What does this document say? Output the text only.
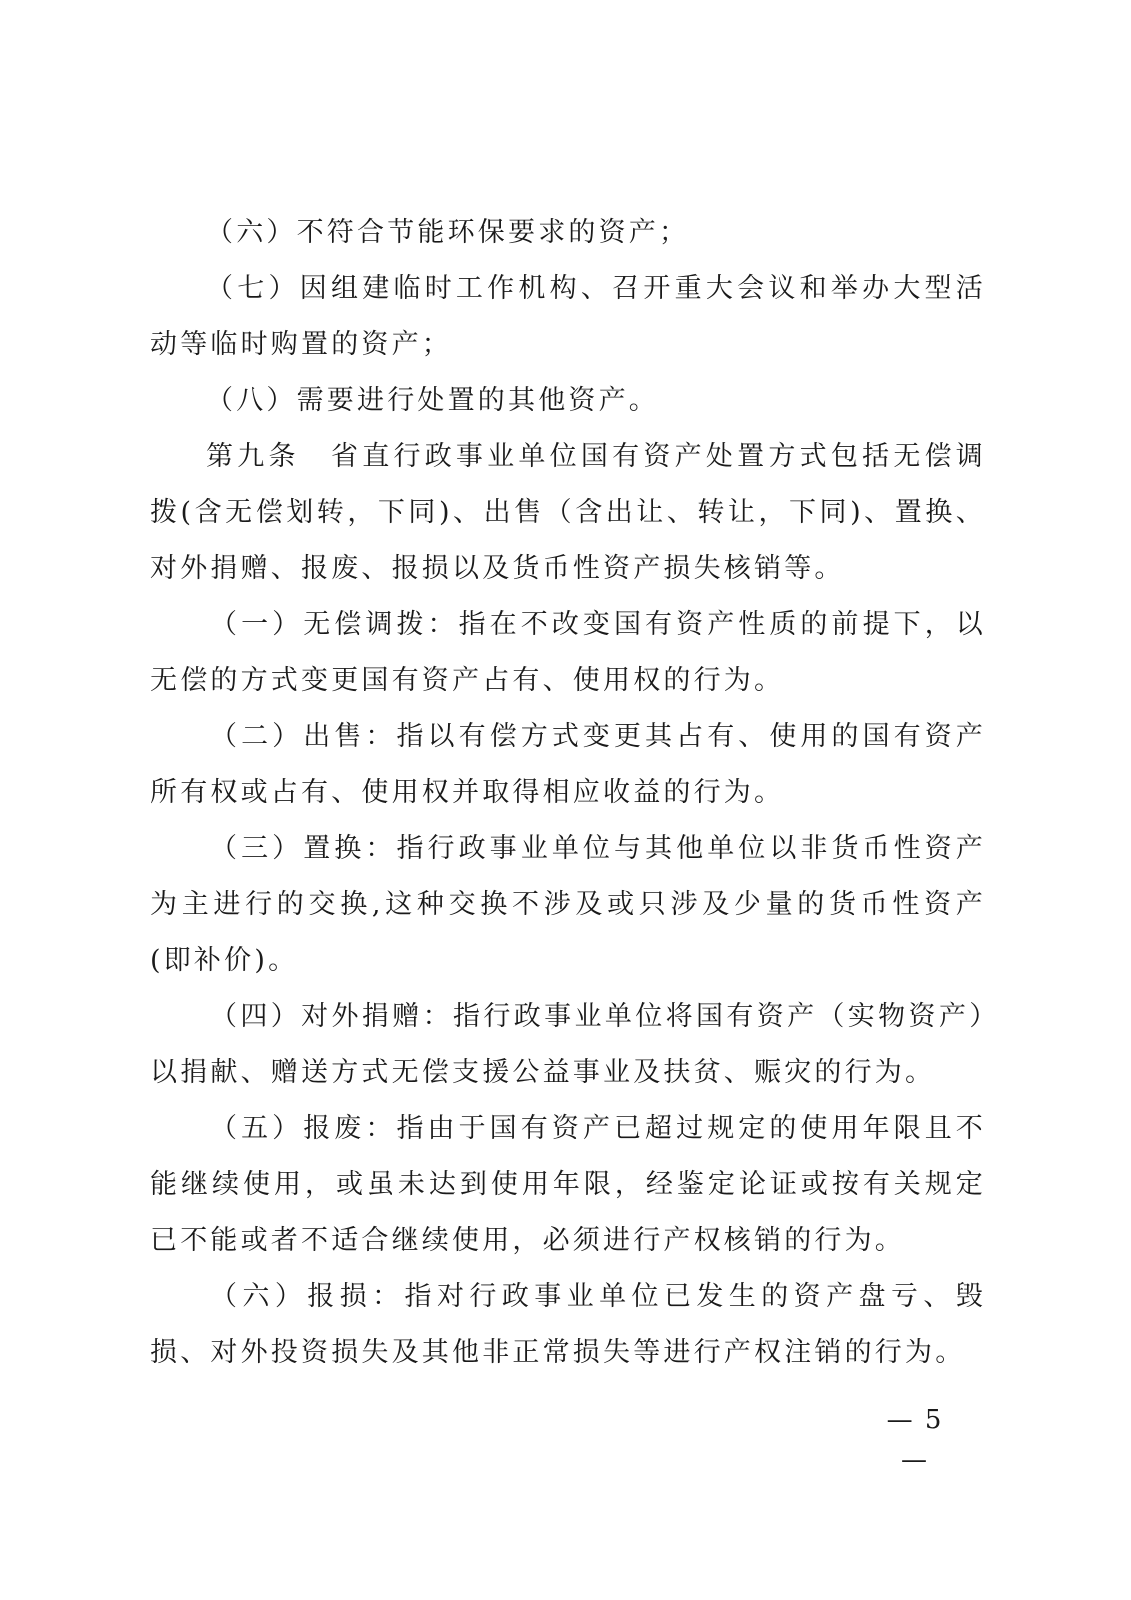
（六）不符合节能环保要求的资产；

（七）因组建临时工作机构、召开重大会议和举办大型活动等临时购置的资产；

（八）需要进行处置的其他资产。

第九条　省直行政事业单位国有资产处置方式包括无偿调拨(含无偿划转，下同)、出售（含出让、转让，下同)、置换、对外捐赠、报废、报损以及货币性资产损失核销等。

（一）无偿调拨：指在不改变国有资产性质的前提下，以无偿的方式变更国有资产占有、使用权的行为。

（二）出售：指以有偿方式变更其占有、使用的国有资产所有权或占有、使用权并取得相应收益的行为。

（三）置换：指行政事业单位与其他单位以非货币性资产为主进行的交换,这种交换不涉及或只涉及少量的货币性资产(即补价)。

（四）对外捐赠：指行政事业单位将国有资产（实物资产）以捐献、赠送方式无偿支援公益事业及扶贫、赈灾的行为。

（五）报废：指由于国有资产已超过规定的使用年限且不能继续使用，或虽未达到使用年限，经鉴定论证或按有关规定已不能或者不适合继续使用，必须进行产权核销的行为。

（六）报损：指对行政事业单位已发生的资产盘亏、毁损、对外投资损失及其他非正常损失等进行产权注销的行为。

— 5 —
